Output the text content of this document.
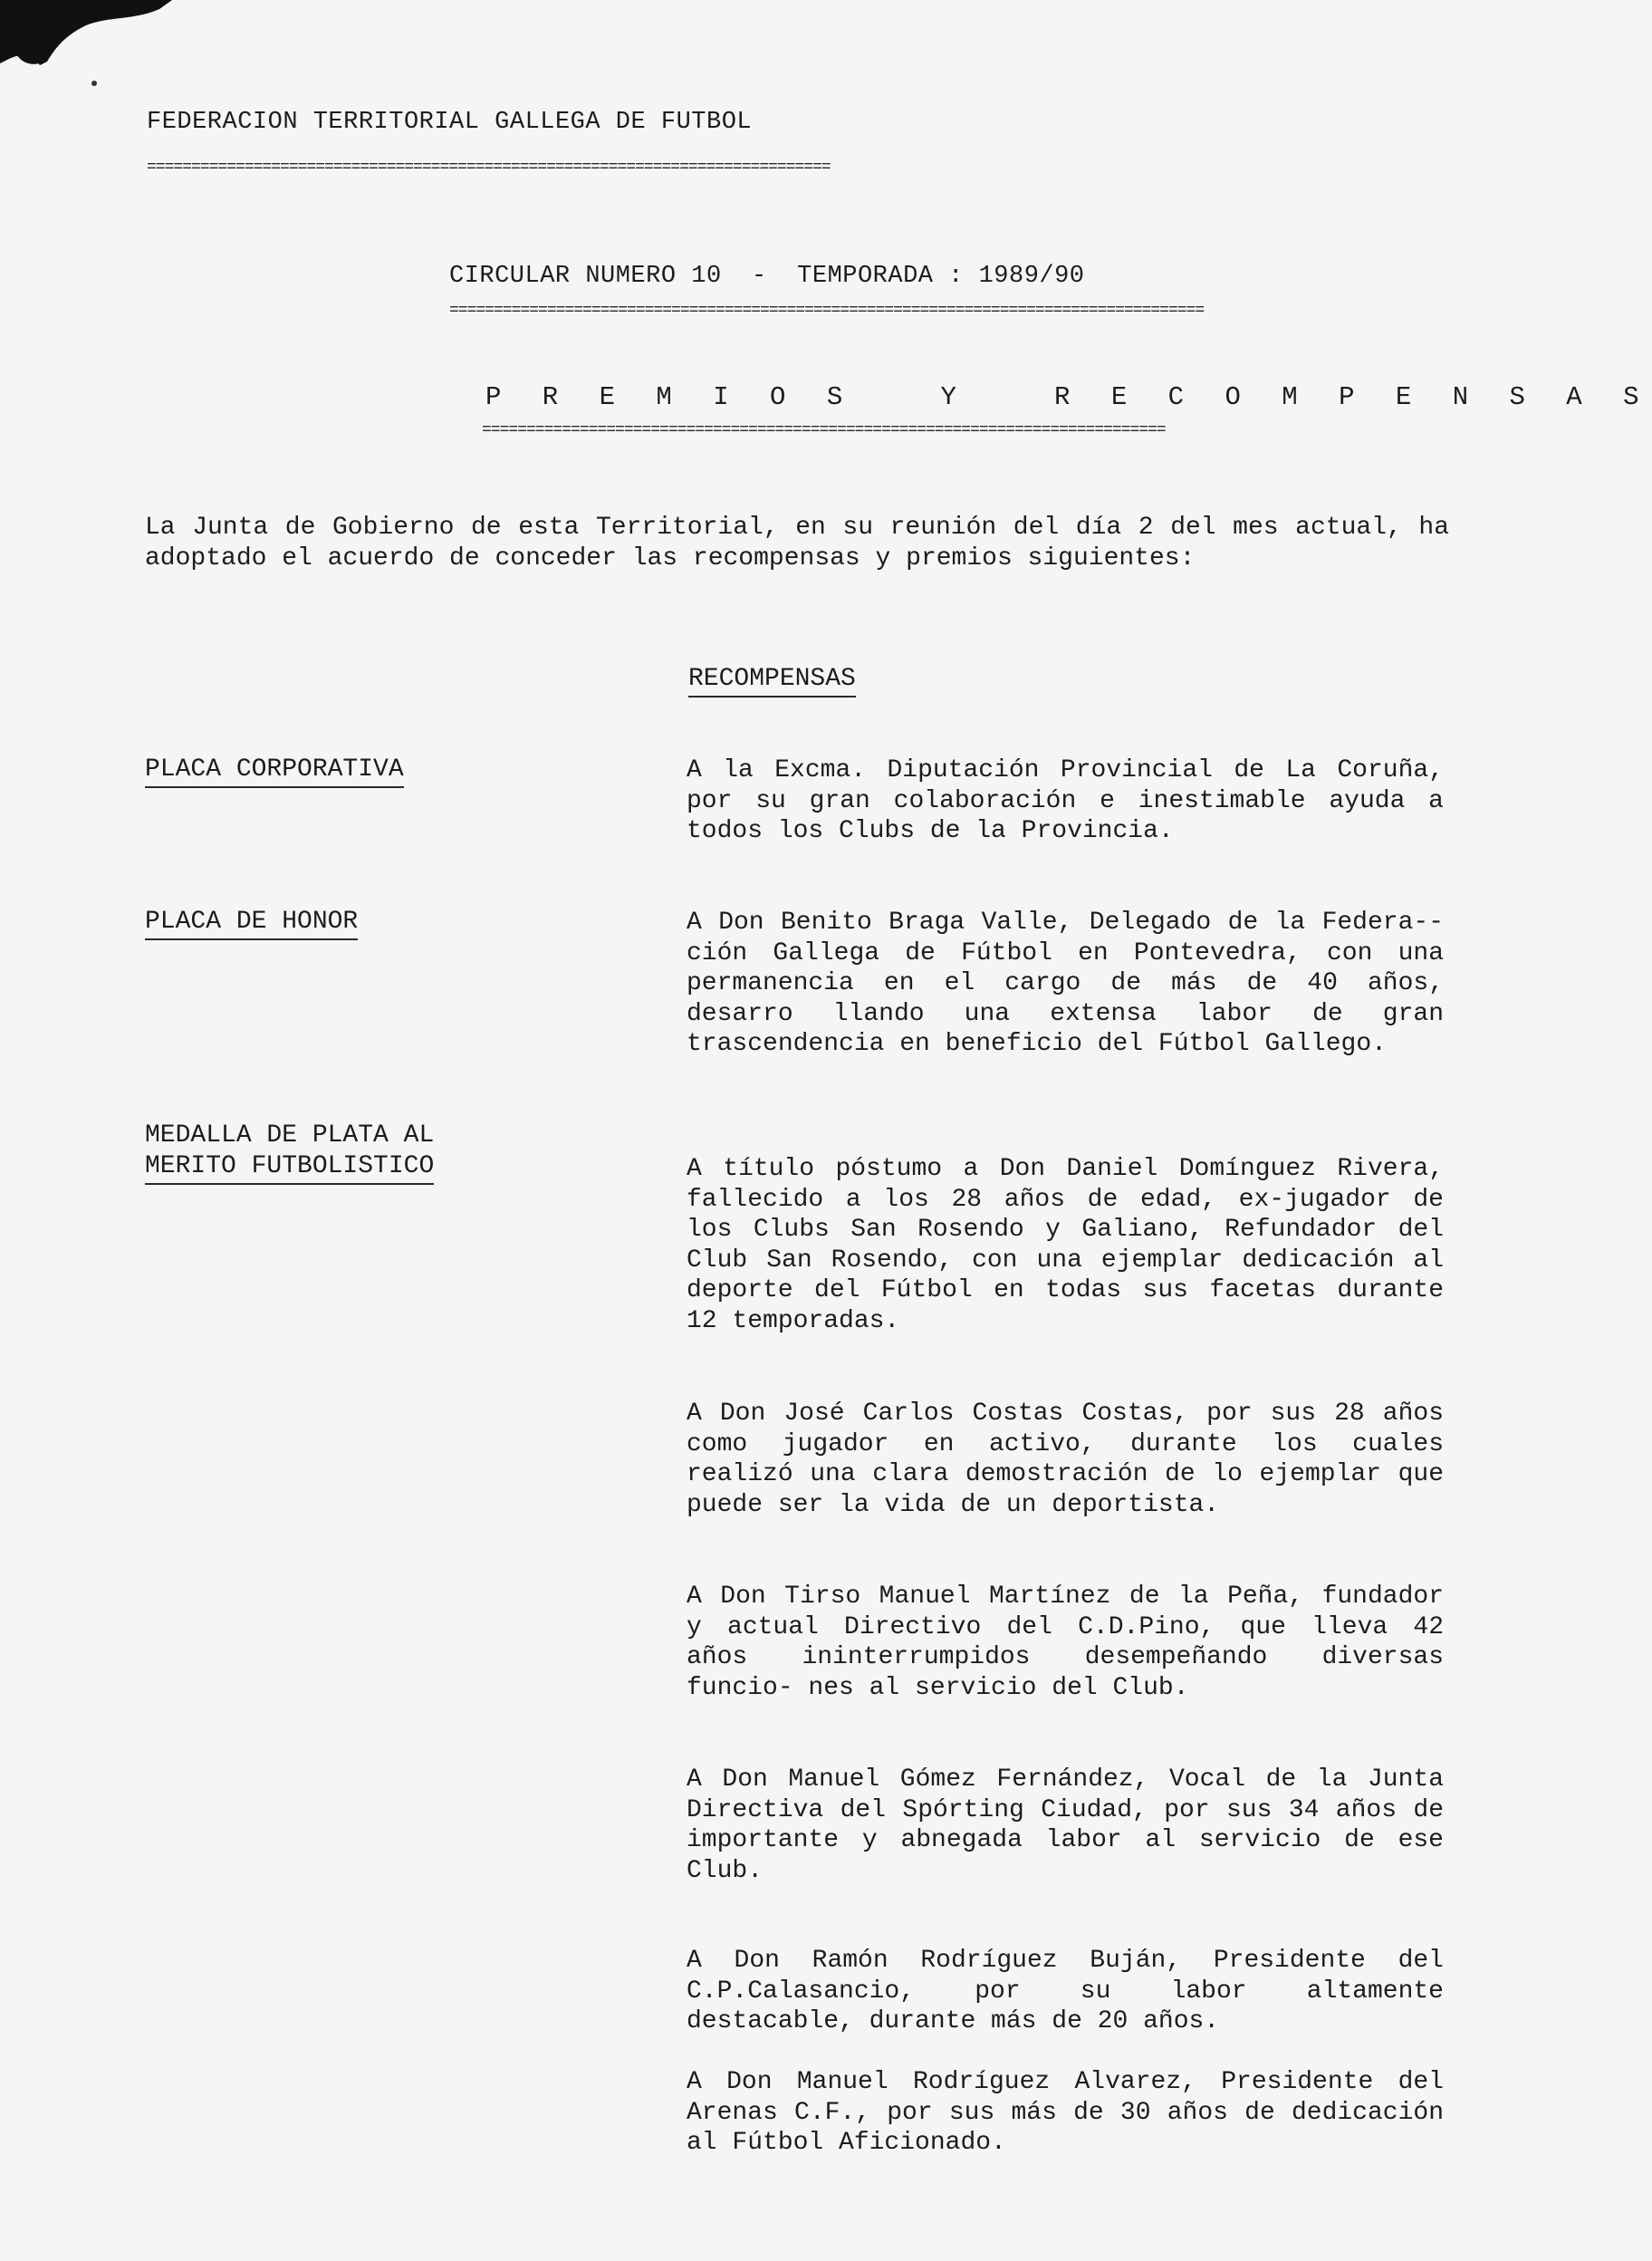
FEDERACION TERRITORIAL GALLEGA DE FUTBOL
=============================================================================
CIRCULAR NUMERO 10  -  TEMPORADA : 1989/90
=====================================================================================
P R E M I O S   Y   R E C O M P E N S A S
=============================================================================

La Junta de Gobierno de esta Territorial, en su reunión del día 2 del mes actual, ha adoptado el acuerdo de conceder las recompensas y premios siguientes:

RECOMPENSAS
PLACA CORPORATIVA	A la Excma. Diputación Provincial de La Coruña, por su gran colaboración e inestimable ayuda a todos los Clubs de la Provincia.

PLACA DE HONOR	A Don Benito Braga Valle, Delegado de la Federa-- ción Gallega de Fútbol en Pontevedra, con una permanencia en el cargo de más de 40 años, desarro llando una extensa labor de gran trascendencia en beneficio del Fútbol Gallego.

MEDALLA DE PLATA AL
MERITO FUTBOLISTICO	A título póstumo a Don Daniel Domínguez Rivera, fallecido a los 28 años de edad, ex-jugador de los Clubs San Rosendo y Galiano, Refundador del Club San Rosendo, con una ejemplar dedicación al deporte del Fútbol en todas sus facetas durante 12 temporadas.

A Don José Carlos Costas Costas, por sus 28 años como jugador en activo, durante los cuales realizó una clara demostración de lo ejemplar que puede ser la vida de un deportista.

A Don Tirso Manuel Martínez de la Peña, fundador y actual Directivo del C.D.Pino, que lleva 42 años ininterrumpidos desempeñando diversas funcio- nes al servicio del Club.

A Don Manuel Gómez Fernández, Vocal de la Junta Directiva del Spórting Ciudad, por sus 34 años de importante y abnegada labor al servicio de ese Club.

A Don Ramón Rodríguez Buján, Presidente del C.P.Calasancio, por su labor altamente destacable, durante más de 20 años.

A Don Manuel Rodríguez Alvarez, Presidente del Arenas C.F., por sus más de 30 años de dedicación al Fútbol Aficionado.
